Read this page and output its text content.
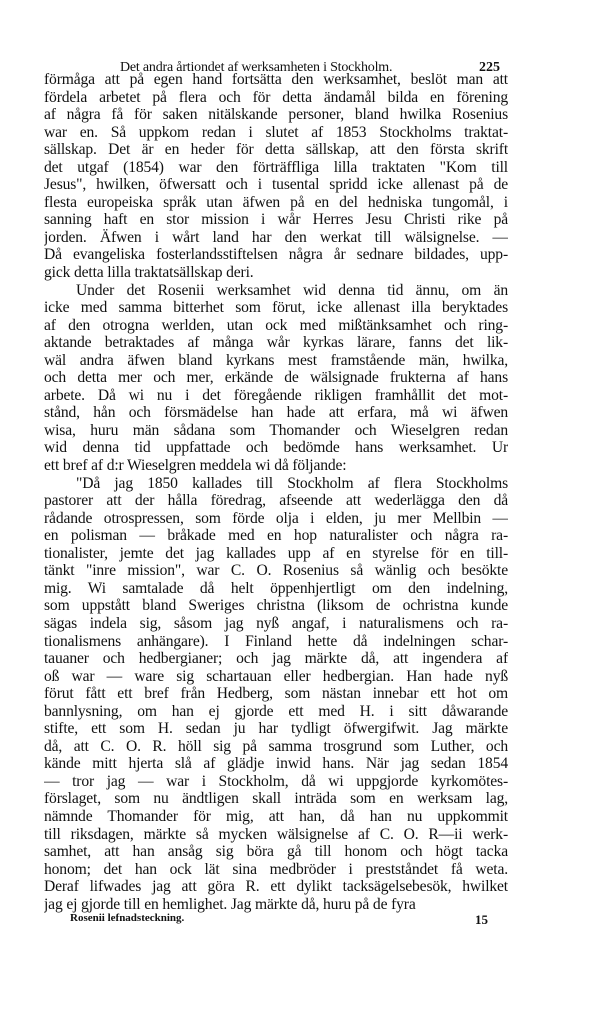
Det andra årtiondet af werksamheten i Stockholm.	225
förmåga att på egen hand fortsätta den werksamhet, beslöt man att
fördela arbetet på flera och för detta ändamål bilda en förening
af några få för saken nitälskande personer, bland hwilka Rosenius
war en. Så uppkom redan i slutet af 1853 Stockholms traktat-
sällskap. Det är en heder för detta sällskap, att den första skrift
det utgaf (1854) war den förträffliga lilla traktaten "Kom till
Jesus", hwilken, öfwersatt och i tusental spridd icke allenast på de
flesta europeiska språk utan äfwen på en del hedniska tungomål, i
sanning haft en stor mission i wår Herres Jesu Christi rike på
jorden. Äfwen i wårt land har den werkat till wälsignelse. —
Då evangeliska fosterlandsstiftelsen några år sednare bildades, upp-
gick detta lilla traktatsällskap deri.
Under det Rosenii werksamhet wid denna tid ännu, om än
icke med samma bitterhet som förut, icke allenast illa beryktades
af den otrogna werlden, utan ock med mißtänksamhet och ring-
aktande betraktades af många wår kyrkas lärare, fanns det lik-
wäl andra äfwen bland kyrkans mest framstående män, hwilka,
och detta mer och mer, erkände de wälsignade frukterna af hans
arbete. Då wi nu i det föregående rikligen framhållit det mot-
stånd, hån och försmädelse han hade att erfara, må wi äfwen
wisa, huru män sådana som Thomander och Wieselgren redan
wid denna tid uppfattade och bedömde hans werksamhet. Ur
ett bref af d:r Wieselgren meddela wi då följande:
"Då jag 1850 kallades till Stockholm af flera Stockholms
pastorer att der hålla föredrag, afseende att wederlägga den då
rådande otrospressen, som förde olja i elden, ju mer Mellbin —
en polisman — bråkade med en hop naturalister och några ra-
tionalister, jemte det jag kallades upp af en styrelse för en till-
tänkt "inre mission", war C. O. Rosenius så wänlig och besökte
mig. Wi samtalade då helt öppenhjertligt om den indelning,
som uppstått bland Sweriges christna (liksom de ochristna kunde
sägas indela sig, såsom jag nyß angaf, i naturalismens och ra-
tionalismens anhängare). I Finland hette då indelningen schar-
tauaner och hedbergianer; och jag märkte då, att ingendera af
oß war — ware sig schartauan eller hedbergian. Han hade nyß
förut fått ett bref från Hedberg, som nästan innebar ett hot om
bannlysning, om han ej gjorde ett med H. i sitt dåwarande
stifte, ett som H. sedan ju har tydligt öfwergifwit. Jag märkte
då, att C. O. R. höll sig på samma trosgrund som Luther, och
kände mitt hjerta slå af glädje inwid hans. När jag sedan 1854
— tror jag — war i Stockholm, då wi uppgjorde kyrkomötes-
förslaget, som nu ändtligen skall inträda som en werksam lag,
nämnde Thomander för mig, att han, då han nu uppkommit
till riksdagen, märkte så mycken wälsignelse af C. O. R—ii werk-
samhet, att han ansåg sig böra gå till honom och högt tacka
honom; det han ock lät sina medbröder i prestståndet få weta.
Deraf lifwades jag att göra R. ett dylikt tacksägelsebesök, hwilket
jag ej gjorde till en hemlighet. Jag märkte då, huru på de fyra
Rosenii lefnadsteckning.	15
